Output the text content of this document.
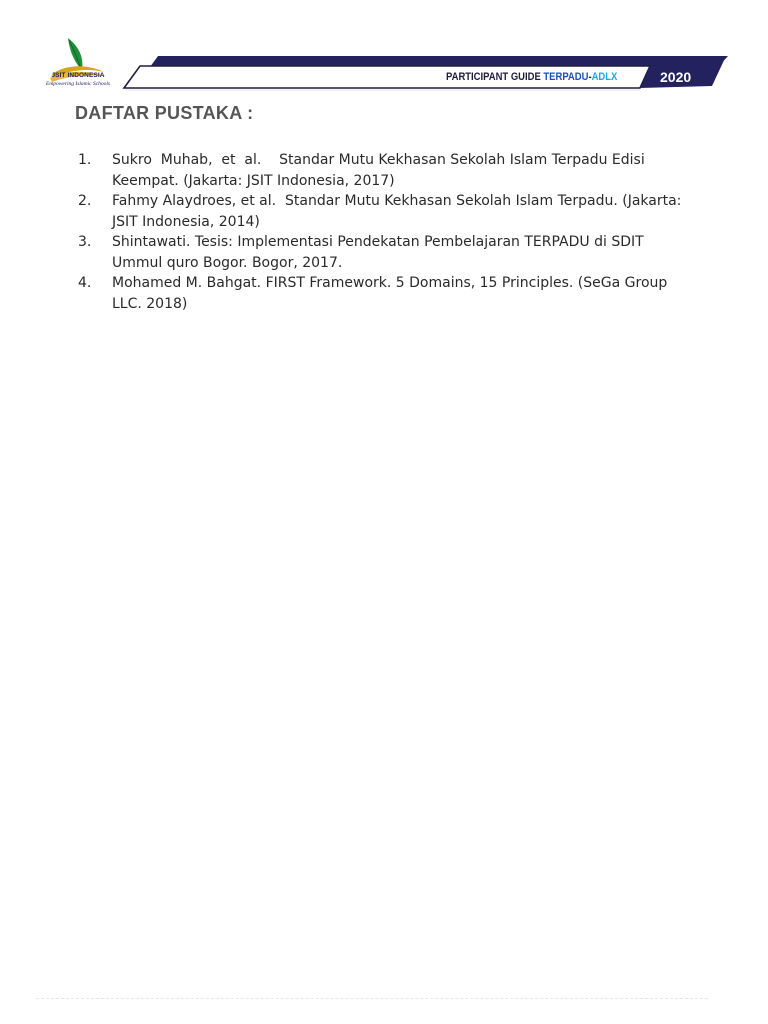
JSIT INDONESIA
Empowering Islamic Schools
PARTICIPANT GUIDE TERPADU-ADLX	2020
DAFTAR PUSTAKA :
1. Sukro  Muhab,  et  al.    Standar Mutu Kekhasan Sekolah Islam Terpadu Edisi
Keempat. (Jakarta: JSIT Indonesia, 2017)
2. Fahmy Alaydroes, et al.  Standar Mutu Kekhasan Sekolah Islam Terpadu. (Jakarta:
JSIT Indonesia, 2014)
3. Shintawati. Tesis: Implementasi Pendekatan Pembelajaran TERPADU di SDIT
Ummul quro Bogor. Bogor, 2017.
4. Mohamed M. Bahgat. FIRST Framework. 5 Domains, 15 Principles. (SeGa Group
LLC. 2018)
